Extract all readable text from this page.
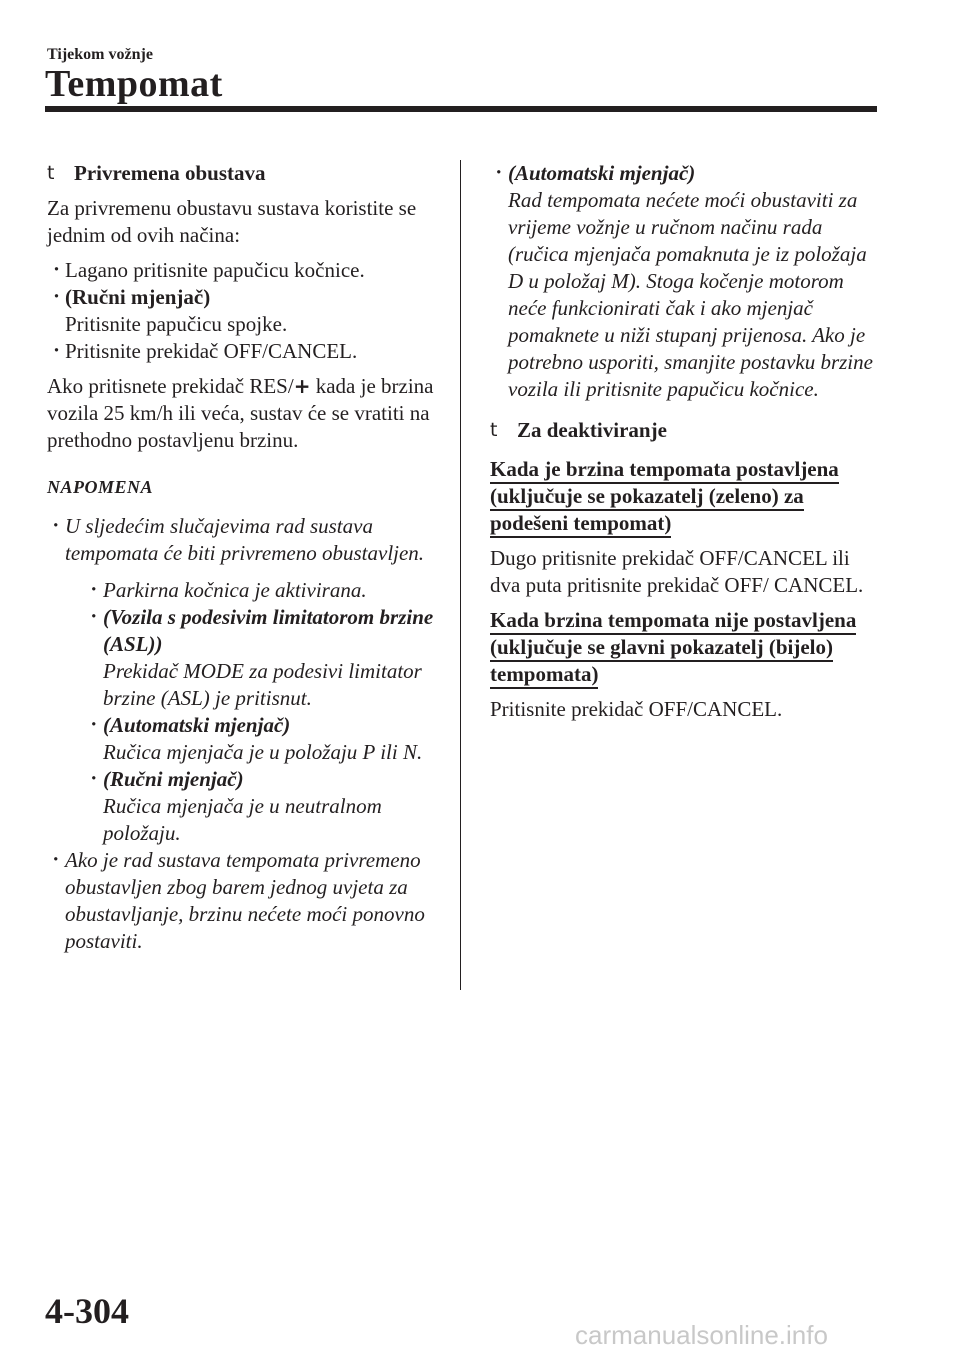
Tijekom vožnje
Tempomat
t Privremena obustava

Za privremenu obustavu sustava koristite se jednim od ovih načina:

· Lagano pritisnite papučicu kočnice.
· (Ručni mjenjač)
Pritisnite papučicu spojke.
· Pritisnite prekidač OFF/CANCEL.

Ako pritisnete prekidač RES/+ kada je brzina vozila 25 km/h ili veća, sustav će se vratiti na prethodno postavljenu brzinu.

NAPOMENA

· U sljedećim slučajevima rad sustava tempomata će biti privremeno obustavljen.

· Parkirna kočnica je aktivirana.
· (Vozila s podesivim limitatorom brzine (ASL))
Prekidač MODE za podesivi limitator brzine (ASL) je pritisnut.
· (Automatski mjenjač)
Ručica mjenjača je u položaju P ili N.
· (Ručni mjenjač)
Ručica mjenjača je u neutralnom položaju.
· Ako je rad sustava tempomata privremeno obustavljen zbog barem jednog uvjeta za obustavljanje, brzinu nećete moći ponovno postaviti.
· (Automatski mjenjač)
Rad tempomata nećete moći obustaviti za vrijeme vožnje u ručnom načinu rada (ručica mjenjača pomaknuta je iz položaja D u položaj M). Stoga kočenje motorom neće funkcionirati čak i ako mjenjač pomaknete u niži stupanj prijenosa. Ako je potrebno usporiti, smanjite postavku brzine vozila ili pritisnite papučicu kočnice.
t Za deaktiviranje
Kada je brzina tempomata postavljena (uključuje se pokazatelj (zeleno) za podešeni tempomat)

Dugo pritisnite prekidač OFF/CANCEL ili dva puta pritisnite prekidač OFF/ CANCEL.

Kada brzina tempomata nije postavljena (uključuje se glavni pokazatelj (bijelo) tempomata)

Pritisnite prekidač OFF/CANCEL.

4-304
carmanualsonline.info
